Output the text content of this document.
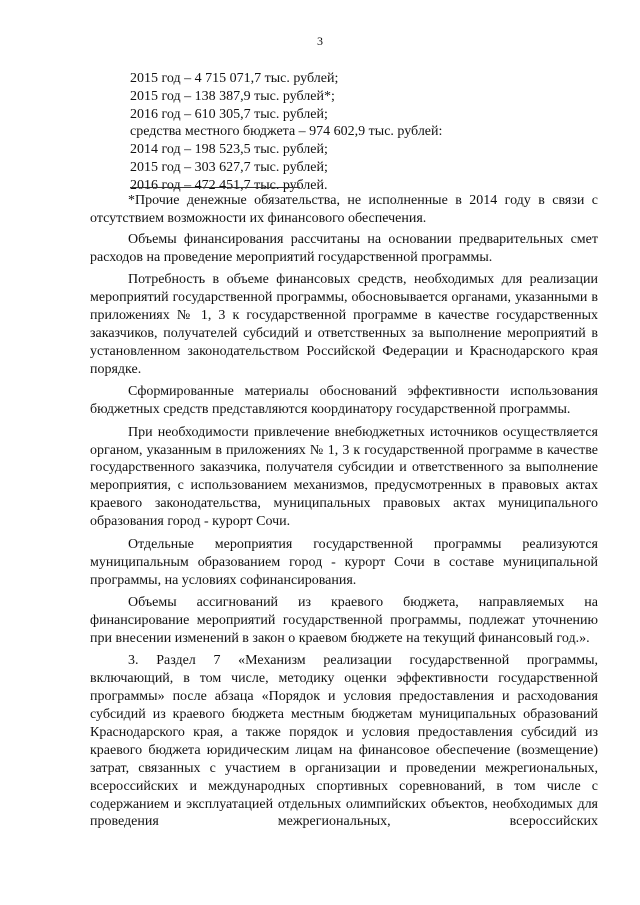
3
2015 год – 4 715 071,7 тыс. рублей;
2015 год – 138 387,9 тыс. рублей*;
2016 год – 610 305,7 тыс. рублей;
средства местного бюджета – 974 602,9 тыс. рублей:
2014 год – 198 523,5 тыс. рублей;
2015 год – 303 627,7 тыс. рублей;
2016 год – 472 451,7 тыс. рублей.

*Прочие денежные обязательства, не исполненные в 2014 году в связи с отсутствием возможности их финансового обеспечения.

Объемы финансирования рассчитаны на основании предварительных смет расходов на проведение мероприятий государственной программы.

Потребность в объеме финансовых средств, необходимых для реализации мероприятий государственной программы, обосновывается органами, указанными в приложениях № 1, 3 к государственной программе в качестве государственных заказчиков, получателей субсидий и ответственных за выполнение мероприятий в установленном законодательством Российской Федерации и Краснодарского края порядке.

Сформированные материалы обоснований эффективности использования бюджетных средств представляются координатору государственной программы.

При необходимости привлечение внебюджетных источников осуществляется органом, указанным в приложениях № 1, 3 к государственной программе в качестве государственного заказчика, получателя субсидии и ответственного за выполнение мероприятия, с использованием механизмов, предусмотренных в правовых актах краевого законодательства, муниципальных правовых актах муниципального образования город - курорт Сочи.

Отдельные мероприятия государственной программы реализуются муниципальным образованием город - курорт Сочи в составе муниципальной программы, на условиях софинансирования.

Объемы ассигнований из краевого бюджета, направляемых на финансирование мероприятий государственной программы, подлежат уточнению при внесении изменений в закон о краевом бюджете на текущий финансовый год.».

3. Раздел 7 «Механизм реализации государственной программы, включающий, в том числе, методику оценки эффективности государственной программы» после абзаца «Порядок и условия предоставления и расходования субсидий из краевого бюджета местным бюджетам муниципальных образований Краснодарского края, а также порядок и условия предоставления субсидий из краевого бюджета юридическим лицам на финансовое обеспечение (возмещение) затрат, связанных с участием в организации и проведении межрегиональных, всероссийских и международных спортивных соревнований, в том числе с содержанием и эксплуатацией отдельных олимпийских объектов, необходимых для проведения межрегиональных, всероссийских
